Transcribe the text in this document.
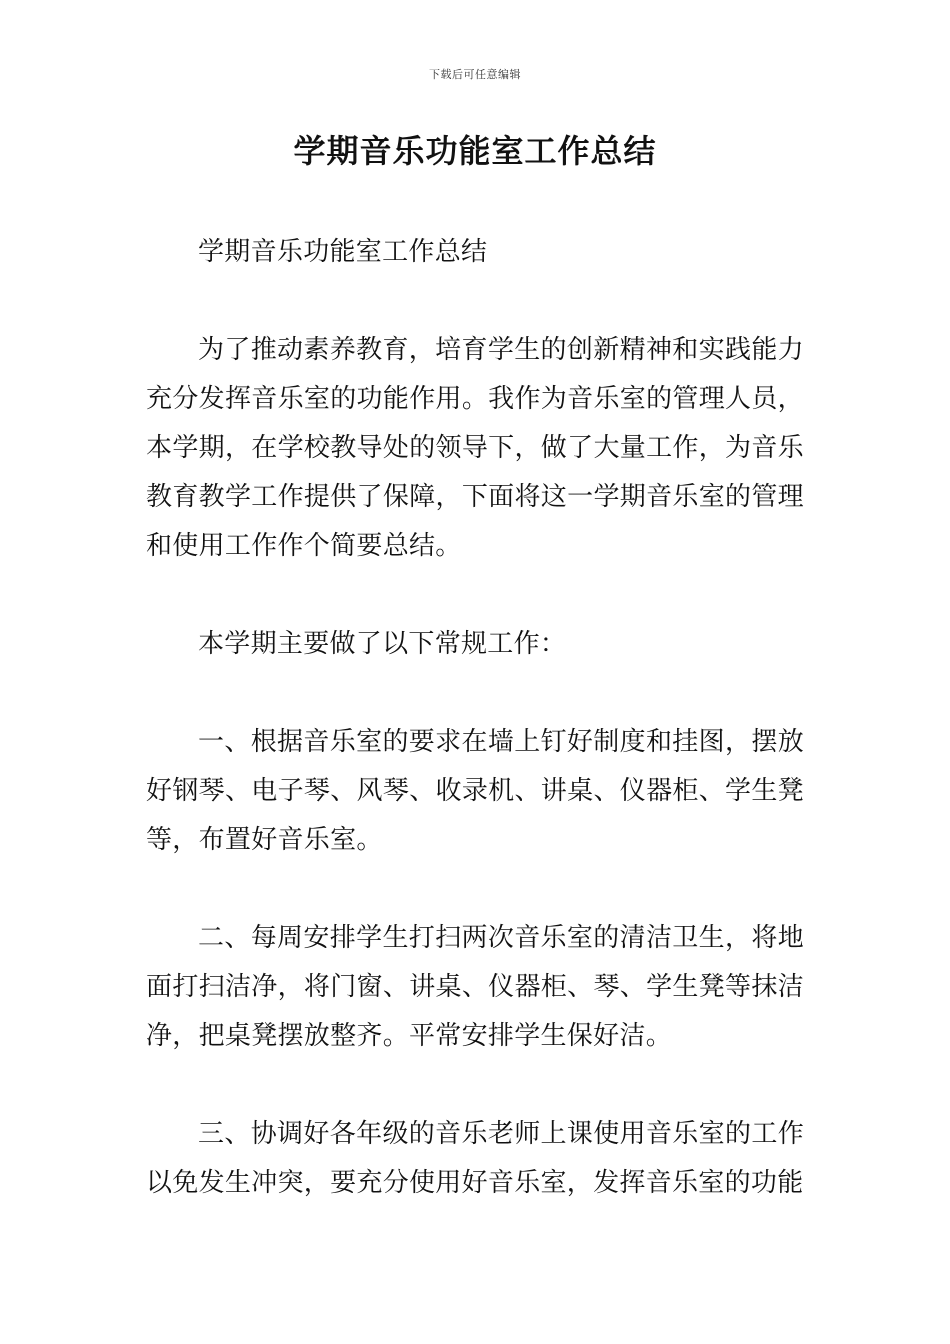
下载后可任意编辑
学期音乐功能室工作总结

学期音乐功能室工作总结

为了推动素养教育，培育学生的创新精神和实践能力充分发挥音乐室的功能作用。我作为音乐室的管理人员，本学期，在学校教导处的领导下，做了大量工作，为音乐教育教学工作提供了保障，下面将这一学期音乐室的管理和使用工作作个简要总结。

本学期主要做了以下常规工作：

一、根据音乐室的要求在墙上钉好制度和挂图，摆放好钢琴、电子琴、风琴、收录机、讲桌、仪器柜、学生凳等，布置好音乐室。

二、每周安排学生打扫两次音乐室的清洁卫生，将地面打扫洁净，将门窗、讲桌、仪器柜、琴、学生凳等抹洁净，把桌凳摆放整齐。平常安排学生保好洁。

三、协调好各年级的音乐老师上课使用音乐室的工作以免发生冲突，要充分使用好音乐室，发挥音乐室的功能
